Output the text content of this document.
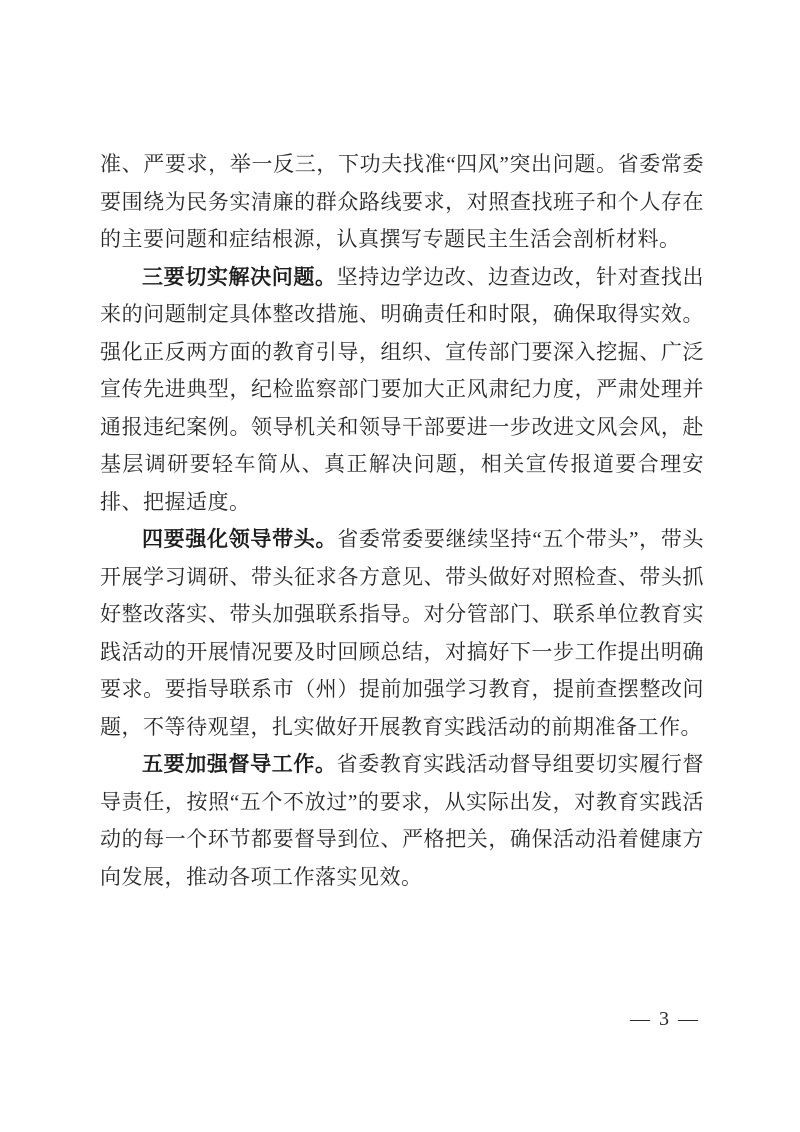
准、严要求，举一反三，下功夫找准“四风”突出问题。省委常委要围绕为民务实清廉的群众路线要求，对照查找班子和个人存在的主要问题和症结根源，认真撰写专题民主生活会剖析材料。

三要切实解决问题。坚持边学边改、边查边改，针对查找出来的问题制定具体整改措施、明确责任和时限，确保取得实效。强化正反两方面的教育引导，组织、宣传部门要深入挖掘、广泛宣传先进典型，纪检监察部门要加大正风肃纪力度，严肃处理并通报违纪案例。领导机关和领导干部要进一步改进文风会风，赴基层调研要轻车简从、真正解决问题，相关宣传报道要合理安排、把握适度。

四要强化领导带头。省委常委要继续坚持“五个带头”，带头开展学习调研、带头征求各方意见、带头做好对照检查、带头抓好整改落实、带头加强联系指导。对分管部门、联系单位教育实践活动的开展情况要及时回顾总结，对搞好下一步工作提出明确要求。要指导联系市（州）提前加强学习教育，提前查摆整改问题，不等待观望，扎实做好开展教育实践活动的前期准备工作。

五要加强督导工作。省委教育实践活动督导组要切实履行督导责任，按照“五个不放过”的要求，从实际出发，对教育实践活动的每一个环节都要督导到位、严格把关，确保活动沿着健康方向发展，推动各项工作落实见效。

— 3 —
